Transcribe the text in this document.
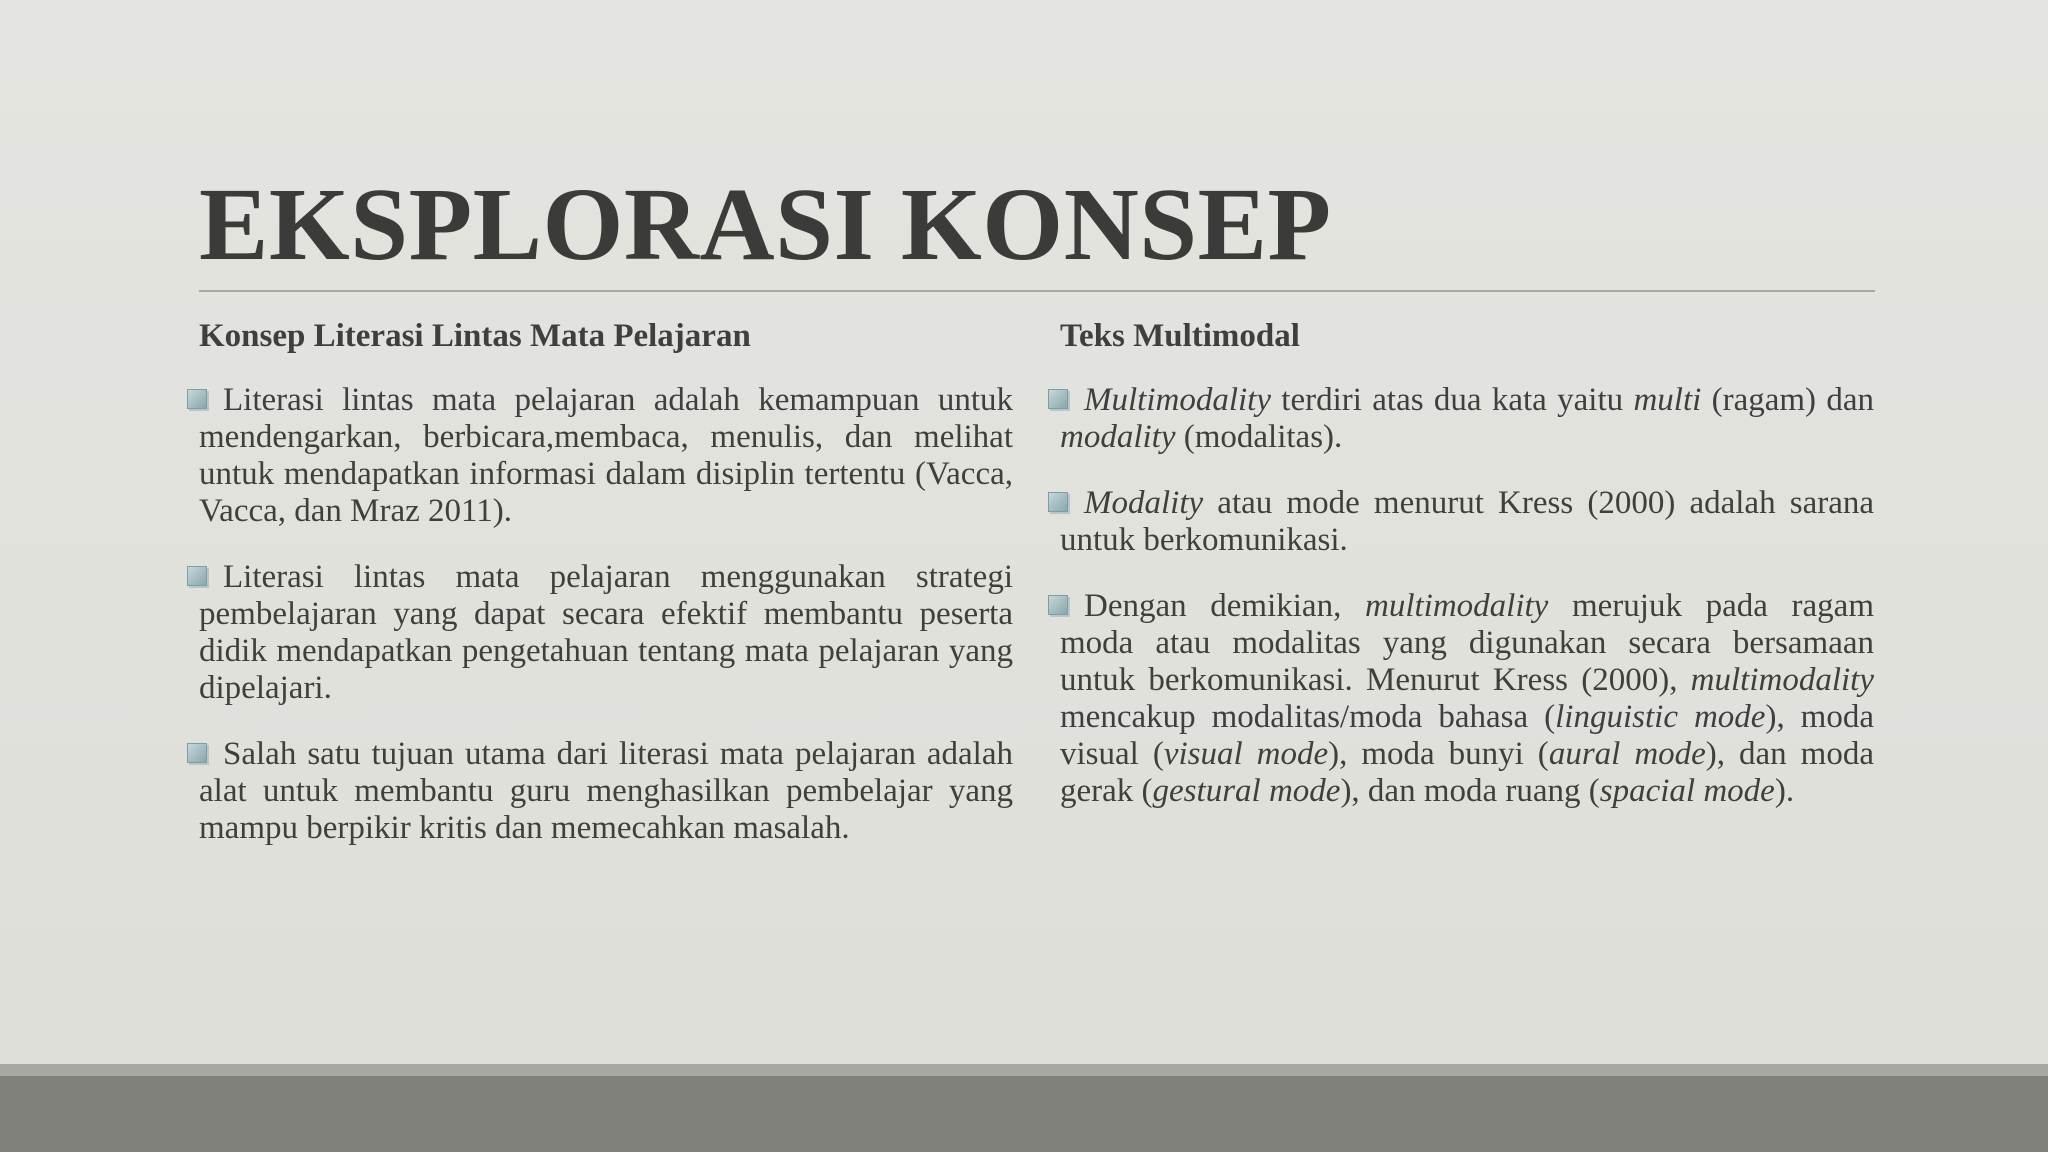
EKSPLORASI KONSEP
Konsep Literasi Lintas Mata Pelajaran
Literasi lintas mata pelajaran adalah kemampuan untuk mendengarkan, berbicara,membaca, menulis, dan melihat untuk mendapatkan informasi dalam disiplin tertentu (Vacca, Vacca, dan Mraz 2011).
Literasi lintas mata pelajaran menggunakan strategi pembelajaran yang dapat secara efektif membantu peserta didik mendapatkan pengetahuan tentang mata pelajaran yang dipelajari.
Salah satu tujuan utama dari literasi mata pelajaran adalah alat untuk membantu guru menghasilkan pembelajar yang mampu berpikir kritis dan memecahkan masalah.
Teks Multimodal
Multimodality terdiri atas dua kata yaitu multi (ragam) dan modality (modalitas).
Modality atau mode menurut Kress (2000) adalah sarana untuk berkomunikasi.
Dengan demikian, multimodality merujuk pada ragam moda atau modalitas yang digunakan secara bersamaan untuk berkomunikasi. Menurut Kress (2000), multimodality mencakup modalitas/moda bahasa (linguistic mode), moda visual (visual mode), moda bunyi (aural mode), dan moda gerak (gestural mode), dan moda ruang (spacial mode).
